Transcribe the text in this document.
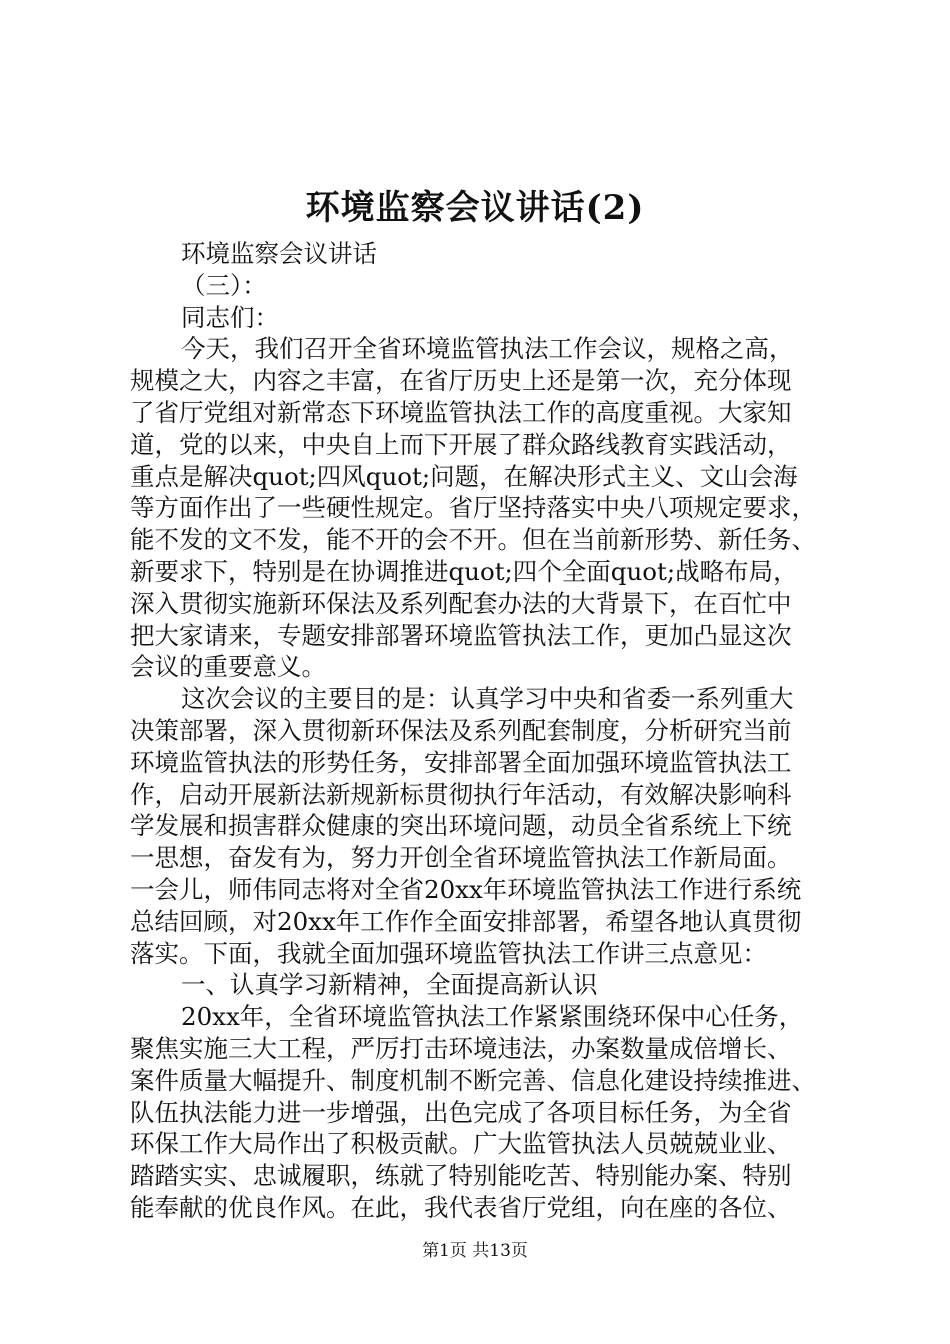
环境监察会议讲话(2)
环境监察会议讲话
（三）：
同志们：
今天，我们召开全省环境监管执法工作会议，规格之高，
规模之大，内容之丰富，在省厅历史上还是第一次，充分体现
了省厅党组对新常态下环境监管执法工作的高度重视。大家知
道，党的以来，中央自上而下开展了群众路线教育实践活动，
重点是解决quot;四风quot;问题，在解决形式主义、文山会海
等方面作出了一些硬性规定。省厅坚持落实中央八项规定要求，
能不发的文不发，能不开的会不开。但在当前新形势、新任务、
新要求下，特别是在协调推进quot;四个全面quot;战略布局，
深入贯彻实施新环保法及系列配套办法的大背景下，在百忙中
把大家请来，专题安排部署环境监管执法工作，更加凸显这次
会议的重要意义。
这次会议的主要目的是：认真学习中央和省委一系列重大
决策部署，深入贯彻新环保法及系列配套制度，分析研究当前
环境监管执法的形势任务，安排部署全面加强环境监管执法工
作，启动开展新法新规新标贯彻执行年活动，有效解决影响科
学发展和损害群众健康的突出环境问题，动员全省系统上下统
一思想，奋发有为，努力开创全省环境监管执法工作新局面。
一会儿，师伟同志将对全省20xx年环境监管执法工作进行系统
总结回顾，对20xx年工作作全面安排部署，希望各地认真贯彻
落实。下面，我就全面加强环境监管执法工作讲三点意见：
一、认真学习新精神，全面提高新认识
20xx年，全省环境监管执法工作紧紧围绕环保中心任务，
聚焦实施三大工程，严厉打击环境违法，办案数量成倍增长、
案件质量大幅提升、制度机制不断完善、信息化建设持续推进、
队伍执法能力进一步增强，出色完成了各项目标任务，为全省
环保工作大局作出了积极贡献。广大监管执法人员兢兢业业、
踏踏实实、忠诚履职，练就了特别能吃苦、特别能办案、特别
能奉献的优良作风。在此，我代表省厅党组，向在座的各位、
第1页 共13页
